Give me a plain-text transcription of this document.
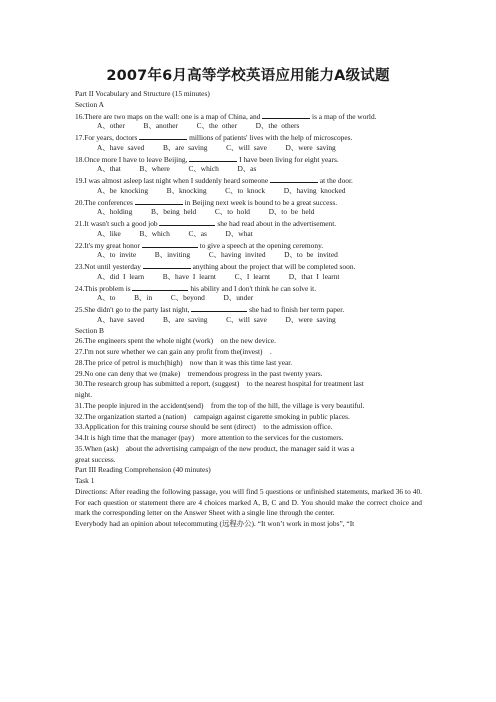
2007年6月高等学校英语应用能力A级试题
Part II Vocabulary and Structure (15 minutes)
Section A
16.There are two maps on the wall: one is a map of China, and	is a map of the world.
A、other　　 B、another　　 C、the other　　 D、the others
17.For years, doctors	millions of patients' lives with the help of microscopes.
A、have saved　　 B、are saving　　 C、will save　　 D、were saving
18.Once more I have to leave Beijing,	I have been living for eight years.
A、that　　 B、where　　 C、which　　 D、as
19.I was almost asleep last night when I suddenly heard someone	at the door.
A、be knocking　　 B、knocking　　 C、to knock　　 D、having knocked
20.The conferences	in Beijing next week is bound to be a great success.
A、holding　　 B、being held　　 C、to hold　　 D、to be held
21.It wasn't such a good job	she had read about in the advertisement.
A、like　　 B、which　　 C、as　　 D、what
22.It's my great honor	to give a speech at the opening ceremony.
A、to invite　　 B、inviting　　 C、having invited　　 D、to be invited
23.Not until yesterday	anything about the project that will be completed soon.
A、did I learn　　 B、have I learnt　　 C、I learnt　　 D、that I learnt
24.This problem is	his ability and I don't think he can solve it.
A、to　　 B、in　　 C、beyond　　 D、under
25.She didn't go to the party last night,	she had to finish her term paper.
A、have saved　　 B、are saving　　 C、will save　　 D、were saving
Section B
26.The engineers spent the whole night (work)　on the new device.
27.I'm not sure whether we can gain any profit from the(invest)　.
28.The price of petrol is much(high)　now than it was this time last year.
29.No one can deny that we (make)　tremendous progress in the past twenty years.
30.The research group has submitted a report, (suggest)　to the nearest hospital for treatment last
night.
31.The people injured in the accident(send)　from the top of the hill, the village is very beautiful.
32.The organization started a (nation)　campaign against cigarette smoking in public places.
33.Application for this training course should be sent (direct)　to the admission office.
34.It is high time that the manager (pay)　more attention to the services for the customers.
35.When (ask)　about the advertising campaign of the new product, the manager said it was a
great success.
Part III Reading Comprehension (40 minutes)
Task 1
Directions: After reading the following passage, you will find 5 questions or unfinished statements, marked 36 to 40. For each question or statement there are 4 choices marked A, B, C and D. You should make the correct choice and mark the corresponding letter on the Answer Sheet with a single line through the center.
Everybody had an opinion about telecommuting (远程办公). “It won’t work in most jobs”, “It
